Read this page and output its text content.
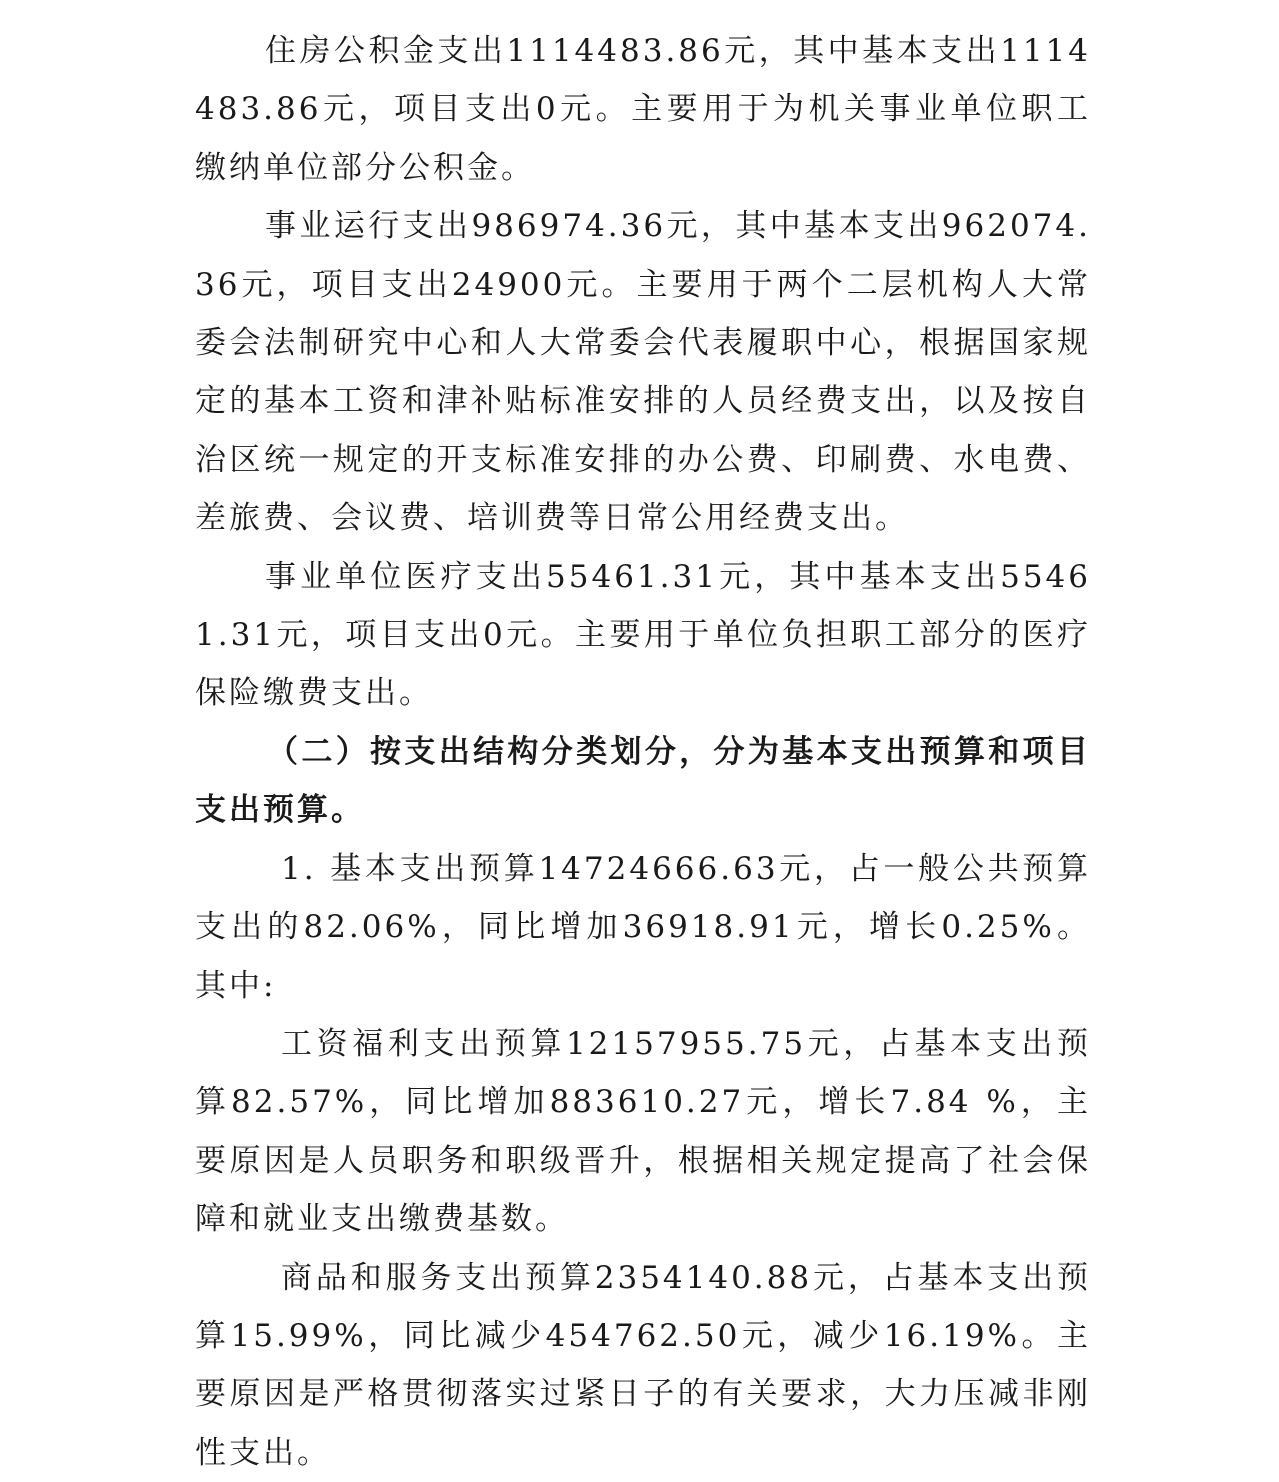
住房公积金支出1114483.86元，其中基本支出1114483.86元，项目支出0元。主要用于为机关事业单位职工缴纳单位部分公积金。

事业运行支出986974.36元，其中基本支出962074.36元，项目支出24900元。主要用于两个二层机构人大常委会法制研究中心和人大常委会代表履职中心，根据国家规定的基本工资和津补贴标准安排的人员经费支出，以及按自治区统一规定的开支标准安排的办公费、印刷费、水电费、差旅费、会议费、培训费等日常公用经费支出。

事业单位医疗支出55461.31元，其中基本支出55461.31元，项目支出0元。主要用于单位负担职工部分的医疗保险缴费支出。

（二）按支出结构分类划分，分为基本支出预算和项目支出预算。

1. 基本支出预算14724666.63元，占一般公共预算支出的82.06%，同比增加36918.91元，增长0.25%。其中:

工资福利支出预算12157955.75元，占基本支出预算82.57%，同比增加883610.27元，增长7.84 %，主要原因是人员职务和职级晋升，根据相关规定提高了社会保障和就业支出缴费基数。

商品和服务支出预算2354140.88元，占基本支出预算15.99%，同比减少454762.50元，减少16.19%。主要原因是严格贯彻落实过紧日子的有关要求，大力压减非刚性支出。
